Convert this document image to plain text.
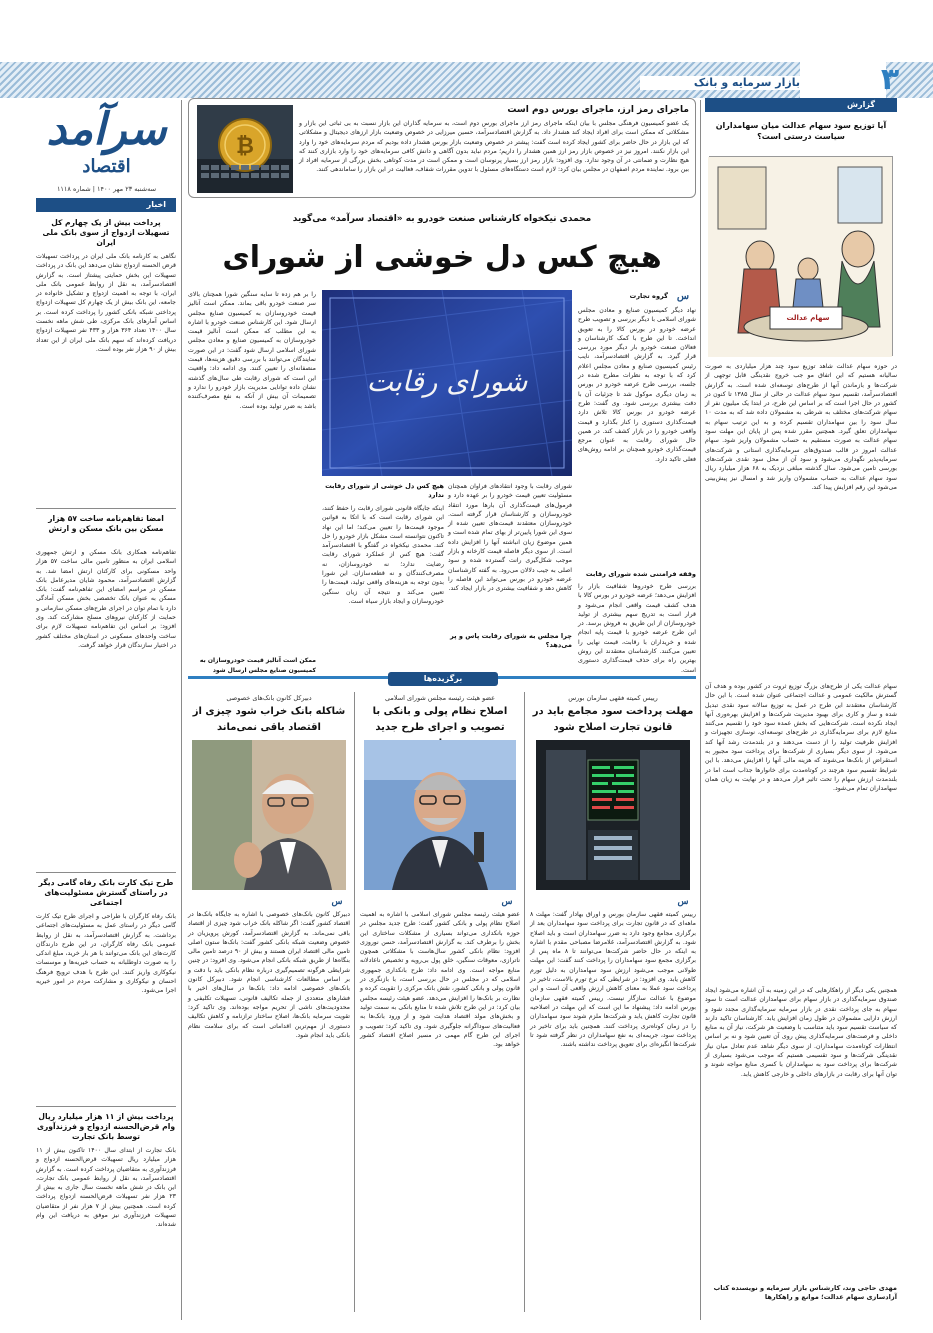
بازار سرمایه و بانک	۳
سرآمد
اقتصاد
سه‌شنبه ۲۳ مهر ۱۴۰۰ | شماره ۱۱۱۸
اخبار
پرداخت بیش از یک چهارم کل تسهیلات ازدواج از سوی بانک ملی ایران
نگاهی به کارنامه بانک ملی ایران در پرداخت تسهیلات قرض الحسنه ازدواج نشان می‌دهد این بانک در پرداخت تسهیلات این بخش حمایتی پیشتاز است. به گزارش اقتصادسرآمد، به نقل از روابط عمومی بانک ملی ایران، با توجه به اهمیت ازدواج و تشکیل خانواده در جامعه، این بانک بیش از یک چهارم کل تسهیلات ازدواج پرداختی شبکه بانکی کشور را پرداخت کرده است. بر اساس آمارهای بانک مرکزی، طی شش ماهه نخست سال ۱۴۰۰ تعداد ۳۶۴ هزار و ۴۳۳ نفر تسهیلات ازدواج دریافت کرده‌اند که سهم بانک ملی ایران از این تعداد بیش از ۹۰ هزار نفر بوده است.
امضا تفاهم‌نامه ساخت ۵۷ هزار مسکن بین بانک مسکن و ارتش
تفاهم‌نامه همکاری بانک مسکن و ارتش جمهوری اسلامی ایران به منظور تامین مالی ساخت ۵۷ هزار واحد مسکونی برای کارکنان ارتش امضا شد. به گزارش اقتصادسرآمد، محمود شایان مدیرعامل بانک مسکن در مراسم امضای این تفاهم‌نامه گفت: بانک مسکن به عنوان بانک تخصصی بخش مسکن آمادگی دارد با تمام توان در اجرای طرح‌های مسکن سازمانی و حمایت از کارکنان نیروهای مسلح مشارکت کند. وی افزود: بر اساس این تفاهم‌نامه تسهیلات لازم برای ساخت واحدهای مسکونی در استان‌های مختلف کشور در اختیار سازندگان قرار خواهد گرفت.
طرح تیک کارت بانک رفاه گامی دیگر در راستای گسترش مسئولیت‌های اجتماعی
بانک رفاه کارگران با طراحی و اجرای طرح تیک کارت گامی دیگر در راستای عمل به مسئولیت‌های اجتماعی برداشت. به گزارش اقتصادسرآمد، به نقل از روابط عمومی بانک رفاه کارگران، در این طرح دارندگان کارت‌های این بانک می‌توانند با هر بار خرید، مبلغ اندکی را به صورت داوطلبانه به حساب خیریه‌ها و موسسات نیکوکاری واریز کنند. این طرح با هدف ترویج فرهنگ احسان و نیکوکاری و مشارکت مردم در امور خیریه اجرا می‌شود.
پرداخت بیش از ۱۱ هزار میلیارد ریال وام قرض‌الحسنه ازدواج و فرزندآوری توسط بانک تجارت
بانک تجارت از ابتدای سال ۱۴۰۰ تاکنون بیش از ۱۱ هزار میلیارد ریال تسهیلات قرض‌الحسنه ازدواج و فرزندآوری به متقاضیان پرداخت کرده است. به گزارش اقتصادسرآمد، به نقل از روابط عمومی بانک تجارت، این بانک در شش ماهه نخست سال جاری به بیش از ۲۳ هزار نفر تسهیلات قرض‌الحسنه ازدواج پرداخت کرده است. همچنین بیش از ۷ هزار نفر از متقاضیان تسهیلات فرزندآوری نیز موفق به دریافت این وام شده‌اند.
گزارش
آیا توزیع سود سهام عدالت میان سهامداران سیاست درستی است؟
سهام عدالت
در حوزه سهام عدالت شاهد توزیع سود چند هزار میلیاردی به صورت سالیانه هستیم که این اتفاق مو جب خروج نقدینگی قابل توجهی از شرکت‌ها و بازماندن آنها از طرح‌های توسعه‌ای شده است. به گزارش اقتصادسرآمد، تقسیم سود سهام عدالت در حالی از سال ۱۳۸۵ تا کنون در کشور در حال اجرا است که بر اساس این طرح، در ابتدا یک میلیون نفر از سهام شرکت‌های مختلف به شرطی به مشمولان داده شد که به مدت ۱۰ سال سود را بین سهامداران تقسیم کرده و به این ترتیب سهام به سهامداران تعلق گیرد. همچنین مقرر شده پس از پایان این مهلت سود سهام عدالت به صورت مستقیم به حساب مشمولان واریز شود. سهام عدالت امروز در قالب صندوق‌های سرمایه‌گذاری استانی و شرکت‌های سرمایه‌پذیر نگهداری می‌شود و سود آن از محل سود نقدی شرکت‌های بورسی تامین می‌شود. سال گذشته مبلغی نزدیک به ۶۸ هزار میلیارد ریال سود سهام عدالت به حساب مشمولان واریز شد و امسال نیز پیش‌بینی می‌شود این رقم افزایش پیدا کند.
سهام عدالت یکی از طرح‌های بزرگ توزیع ثروت در کشور بوده و هدف آن گسترش مالکیت عمومی و عدالت اجتماعی عنوان شده است. با این حال کارشناسان معتقدند این طرح در عمل به توزیع سالانه سود نقدی تبدیل شده و ساز و کاری برای بهبود مدیریت شرکت‌ها و افزایش بهره‌وری آنها ایجاد نکرده است. شرکت‌هایی که بخش عمده سود خود را تقسیم می‌کنند منابع لازم برای سرمایه‌گذاری در طرح‌های توسعه‌ای، نوسازی تجهیزات و افزایش ظرفیت تولید را از دست می‌دهند و در بلندمدت رشد آنها کند می‌شود. از سوی دیگر بسیاری از شرکت‌ها برای پرداخت سود مجبور به استقراض از بانک‌ها می‌شوند که هزینه مالی آنها را افزایش می‌دهد. با این شرایط تقسیم سود هرچند در کوتاه‌مدت برای خانوارها جذاب است اما در بلندمدت ارزش سهام را تحت تاثیر قرار می‌دهد و در نهایت به زیان همان سهامداران تمام می‌شود.
همچنین یکی دیگر از راهکارهایی که در این زمینه به آن اشاره می‌شود ایجاد صندوق سرمایه‌گذاری در بازار سهام برای سهامداران عدالت است تا سود سهام به جای پرداخت نقدی در بازار سرمایه سرمایه‌گذاری مجدد شود و ارزش دارایی مشمولان در طول زمان افزایش یابد. کارشناسان تاکید دارند که سیاست تقسیم سود باید متناسب با وضعیت هر شرکت، نیاز آن به منابع داخلی و فرصت‌های سرمایه‌گذاری پیش روی آن تعیین شود و نه بر اساس انتظارات کوتاه‌مدت سهامداران. از سوی دیگر شاهد عدم تعادل میان نیاز نقدینگی شرکت‌ها و سود تقسیمی هستیم که موجب می‌شود بسیاری از شرکت‌ها برای پرداخت سود به سهامداران با کسری منابع مواجه شوند و توان آنها برای رقابت در بازارهای داخلی و خارجی کاهش یابد.
مهدی حاجی وند، کارشناس بازار سرمایه و نویسنده کتاب آزادسازی سهام عدالت؛ موانع و راهکارها
ماجرای رمز ارز، ماجرای بورس دوم است
یک عضو کمیسیون فرهنگی مجلس با بیان اینکه ماجرای رمز ارز ماجرای بورس دوم است، به سرمایه گذاران این بازار نسبت به بی ثباتی این بازار و مشکلاتی که ممکن است برای افراد ایجاد کند هشدار داد. به گزارش اقتصادسرآمد، حسین میرزایی در خصوص وضعیت بازار ارزهای دیجیتال و مشکلاتی که این بازار در حال حاضر برای کشور ایجاد کرده است گفت: پیشتر در خصوص وضعیت بازار بورس هشدار داده بودیم که مردم سرمایه‌های خود را وارد این بازار نکنند. امروز نیز در خصوص بازار رمز ارز همین هشدار را داریم؛ مردم نباید بدون آگاهی و دانش کافی سرمایه‌های خود را وارد بازاری کنند که هیچ نظارت و ضمانتی در آن وجود ندارد. وی افزود: بازار رمز ارز بسیار پرنوسان است و ممکن است در مدت کوتاهی بخش بزرگی از سرمایه افراد از بین برود. نماینده مردم اصفهان در مجلس بیان کرد: لازم است دستگاه‌های مسئول با تدوین مقررات شفاف، فعالیت در این بازار را ساماندهی کنند.
₿
محمدی نیکخواه کارشناس صنعت خودرو به «اقتصاد سرآمد» می‌گوید
هیچ کس دل خوشی از شورای
شورای رقابت
س
گروه تجارت
نهاد دیگر کمیسیون صنایع و معادن مجلس شورای اسلامی با دیگر بررسی و تصویب طرح عرضه خودرو در بورس کالا را به تعویق انداخت. تا این طرح با کمک کارشناسان و فعالان صنعت خودرو بار دیگر مورد بررسی قرار گیرد. به گزارش اقتصادسرآمد، نایب رئیس کمیسیون صنایع و معادن مجلس اعلام کرد که با توجه به نظرات مطرح شده در جلسه، بررسی طرح عرضه خودرو در بورس به زمان دیگری موکول شد تا جزئیات آن با دقت بیشتری بررسی شود. وی گفت: طرح عرضه خودرو در بورس کالا تلاش دارد قیمت‌گذاری دستوری را کنار بگذارد و قیمت واقعی خودرو را در بازار کشف کند. در همین حال شورای رقابت به عنوان مرجع قیمت‌گذاری خودرو همچنان بر ادامه روش‌های فعلی تاکید دارد.
وقفه فرامتنی شده شورای رقابت
بررسی طرح خودروها شفافیت بازار را افزایش می‌دهد؛ عرضه خودرو در بورس کالا با هدف کشف قیمت واقعی انجام می‌شود و قرار است به تدریج سهم بیشتری از تولید خودروسازان از این طریق به فروش برسد. در این طرح عرضه خودرو با قیمت پایه انجام شده و خریداران با رقابت، قیمت نهایی را تعیین می‌کنند. کارشناسان معتقدند این روش بهترین راه برای حذف قیمت‌گذاری دستوری است.
را بر هم زده تا سایه سنگین شورا همچنان بالای سر صنعت خودرو باقی بماند. ممکن است آنالیز قیمت خودروسازان به کمیسیون صنایع مجلس ارسال شود. این کارشناس صنعت خودرو با اشاره به این مطلب که ممکن است آنالیز قیمت خودروسازان به کمیسیون صنایع و معادن مجلس شورای اسلامی ارسال شود گفت: در این صورت نمایندگان می‌توانند با بررسی دقیق هزینه‌ها، قیمت منصفانه‌ای را تعیین کنند. وی ادامه داد: واقعیت این است که شورای رقابت طی سال‌های گذشته نشان داده توانایی مدیریت بازار خودرو را ندارد و تصمیمات آن بیش از آنکه به نفع مصرف‌کننده باشد به ضرر تولید بوده است.
شورای رقابت با وجود انتقادهای فراوان همچنان مسئولیت تعیین قیمت خودرو را بر عهده دارد و فرمول‌های قیمت‌گذاری آن بارها مورد انتقاد خودروسازان و کارشناسان قرار گرفته است. خودروسازان معتقدند قیمت‌های تعیین شده از سوی این شورا پایین‌تر از بهای تمام شده است و همین موضوع زیان انباشته آنها را افزایش داده است. از سوی دیگر فاصله قیمت کارخانه و بازار موجب شکل‌گیری رانت گسترده شده و سود اصلی به جیب دلالان می‌رود. به گفته کارشناسان عرضه خودرو در بورس می‌تواند این فاصله را کاهش دهد و شفافیت بیشتری در بازار ایجاد کند.
چرا مجلس به شورای رقابت پاس و پر می‌دهد؟
هیچ کس دل خوشی از شورای رقابت ندارد
اینکه جایگاه قانونی شورای رقابت را حفظ کنند، این شورای رقابت است که با اتکا به قوانین موجود قیمت‌ها را تعیین می‌کند؛ اما این نهاد تاکنون نتوانسته است مشکل بازار خودرو را حل کند. محمدی نیکخواه در گفتگو با اقتصادسرآمد گفت: هیچ کس از عملکرد شورای رقابت رضایت ندارد؛ نه خودروسازان، نه مصرف‌کنندگان و نه قطعه‌سازان. این شورا بدون توجه به هزینه‌های واقعی تولید، قیمت‌ها را تعیین می‌کند و نتیجه آن زیان سنگین خودروسازان و ایجاد بازار سیاه است.
برگزیده‌ها
رییس کمیته فقهی سازمان بورس
مهلت پرداخت سود مجامع باید در قانون تجارت اصلاح شود
س
رییس کمیته فقهی سازمان بورس و اوراق بهادار گفت: مهلت ۸ ماهه‌ای که در قانون تجارت برای پرداخت سود سهامداران بعد از برگزاری مجامع وجود دارد به ضرر سهامداران است و باید اصلاح شود. به گزارش اقتصادسرآمد، غلامرضا مصباحی مقدم با اشاره به اینکه در حال حاضر شرکت‌ها می‌توانند تا ۸ ماه پس از برگزاری مجمع سود سهامداران را پرداخت کنند گفت: این مهلت طولانی موجب می‌شود ارزش سود سهامداران به دلیل تورم کاهش یابد. وی افزود: در شرایطی که نرخ تورم بالاست، تاخیر در پرداخت سود عملا به معنای کاهش ارزش واقعی آن است و این موضوع با عدالت سازگار نیست. رییس کمیته فقهی سازمان بورس ادامه داد: پیشنهاد ما این است که این مهلت در اصلاحیه قانون تجارت کاهش یابد و شرکت‌ها ملزم شوند سود سهامداران را در زمان کوتاه‌تری پرداخت کنند. همچنین باید برای تاخیر در پرداخت سود، جریمه‌ای به نفع سهامداران در نظر گرفته شود تا شرکت‌ها انگیزه‌ای برای تعویق پرداخت نداشته باشند.
عضو هیئت رئیسه مجلس شورای اسلامی
اصلاح نظام پولی و بانکی با تصویب و اجرای طرح جدید
س
عضو هیئت رئیسه مجلس شورای اسلامی با اشاره به اهمیت اصلاح نظام پولی و بانکی کشور گفت: طرح جدید مجلس در حوزه بانکداری می‌تواند بسیاری از مشکلات ساختاری این بخش را برطرف کند. به گزارش اقتصادسرآمد، حسن نوروزی افزود: نظام بانکی کشور سال‌هاست با مشکلاتی همچون ناترازی، معوقات سنگین، خلق پول بی‌رویه و تخصیص ناعادلانه منابع مواجه است. وی ادامه داد: طرح بانکداری جمهوری اسلامی که در مجلس در حال بررسی است، با بازنگری در قانون پولی و بانکی کشور، نقش بانک مرکزی را تقویت کرده و نظارت بر بانک‌ها را افزایش می‌دهد. عضو هیئت رئیسه مجلس بیان کرد: در این طرح تلاش شده تا منابع بانکی به سمت تولید و بخش‌های مولد اقتصاد هدایت شود و از ورود بانک‌ها به فعالیت‌های سوداگرانه جلوگیری شود. وی تاکید کرد: تصویب و اجرای این طرح گام مهمی در مسیر اصلاح اقتصاد کشور خواهد بود.
دبیرکل کانون بانک‌های خصوصی
شاکله بانک خراب شود چیزی از اقتصاد باقی نمی‌ماند
س
دبیرکل کانون بانک‌های خصوصی با اشاره به جایگاه بانک‌ها در اقتصاد کشور گفت: اگر شاکله بانک خراب شود چیزی از اقتصاد باقی نمی‌ماند. به گزارش اقتصادسرآمد، کورش پرویزیان در خصوص وضعیت شبکه بانکی کشور گفت: بانک‌ها ستون اصلی تامین مالی اقتصاد ایران هستند و بیش از ۹۰ درصد تامین مالی بنگاه‌ها از طریق شبکه بانکی انجام می‌شود. وی افزود: در چنین شرایطی هرگونه تصمیم‌گیری درباره نظام بانکی باید با دقت و بر اساس مطالعات کارشناسی انجام شود. دبیرکل کانون بانک‌های خصوصی ادامه داد: بانک‌ها در سال‌های اخیر با فشارهای متعددی از جمله تکالیف قانونی، تسهیلات تکلیفی و محدودیت‌های ناشی از تحریم مواجه بوده‌اند. وی تاکید کرد: تقویت سرمایه بانک‌ها، اصلاح ساختار ترازنامه و کاهش تکالیف دستوری از مهم‌ترین اقداماتی است که برای سلامت نظام بانکی باید انجام شود.
ممکن است آنالیز قیمت خودروسازان به کمیسیون صنایع مجلس ارسال شود
